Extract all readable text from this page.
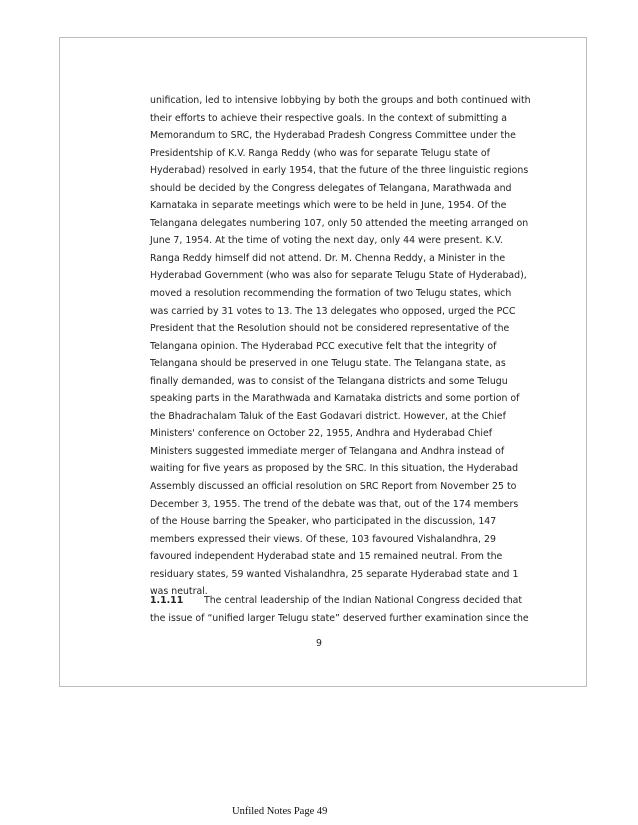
unification, led to intensive lobbying by both the groups and both continued with
their efforts to achieve their respective goals. In the context of submitting a
Memorandum to SRC, the Hyderabad Pradesh Congress Committee under the
Presidentship of K.V. Ranga Reddy (who was for separate Telugu state of
Hyderabad) resolved in early 1954, that the future of the three linguistic regions
should be decided by the Congress delegates of Telangana, Marathwada and
Karnataka in separate meetings which were to be held in June, 1954. Of the
Telangana delegates numbering 107, only 50 attended the meeting arranged on
June 7, 1954. At the time of voting the next day, only 44 were present. K.V.
Ranga Reddy himself did not attend. Dr. M. Chenna Reddy, a Minister in the
Hyderabad Government (who was also for separate Telugu State of Hyderabad),
moved a resolution recommending the formation of two Telugu states, which
was carried by 31 votes to 13. The 13 delegates who opposed, urged the PCC
President that the Resolution should not be considered representative of the
Telangana opinion. The Hyderabad PCC executive felt that the integrity of
Telangana should be preserved in one Telugu state. The Telangana state, as
finally demanded, was to consist of the Telangana districts and some Telugu
speaking parts in the Marathwada and Karnataka districts and some portion of
the Bhadrachalam Taluk of the East Godavari district. However, at the Chief
Ministers' conference on October 22, 1955, Andhra and Hyderabad Chief
Ministers suggested immediate merger of Telangana and Andhra instead of
waiting for five years as proposed by the SRC. In this situation, the Hyderabad
Assembly discussed an official resolution on SRC Report from November 25 to
December 3, 1955. The trend of the debate was that, out of the 174 members
of the House barring the Speaker, who participated in the discussion, 147
members expressed their views. Of these, 103 favoured Vishalandhra, 29
favoured independent Hyderabad state and 15 remained neutral. From the
residuary states, 59 wanted Vishalandhra, 25 separate Hyderabad state and 1
was neutral.
1.1.11 The central leadership of the Indian National Congress decided that
the issue of “unified larger Telugu state” deserved further examination since the
9
Unfiled Notes Page 49
